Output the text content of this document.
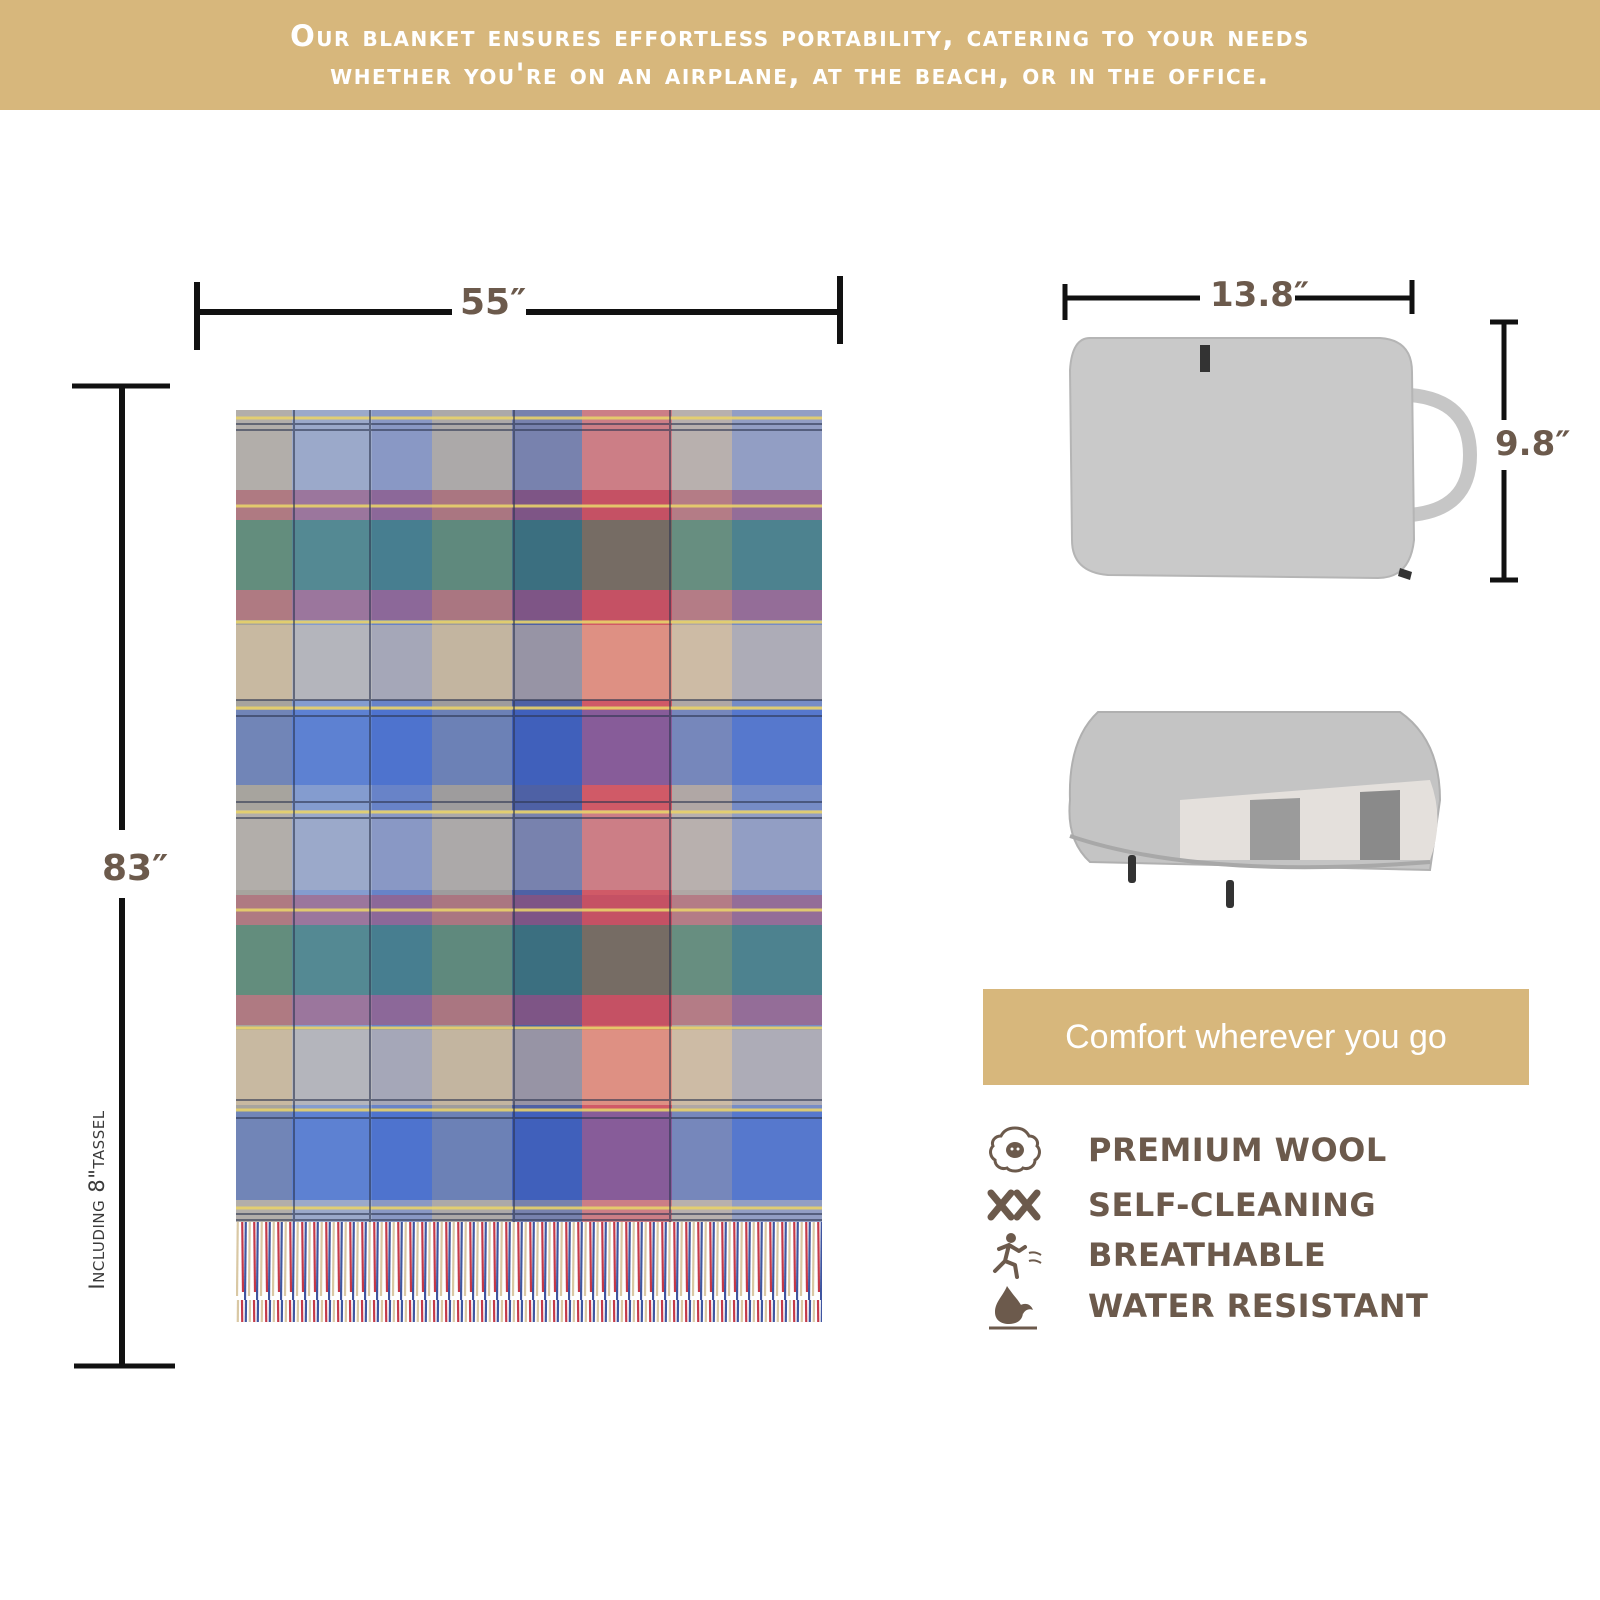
Our blanket ensures effortless portability, catering to your needs
whether you're on an airplane, at the beach, or in the office.
55″
83″
Including 8"tassel
13.8″
9.8″
Comfort wherever you go
PREMIUM WOOL
SELF-CLEANING
BREATHABLE
WATER RESISTANT
